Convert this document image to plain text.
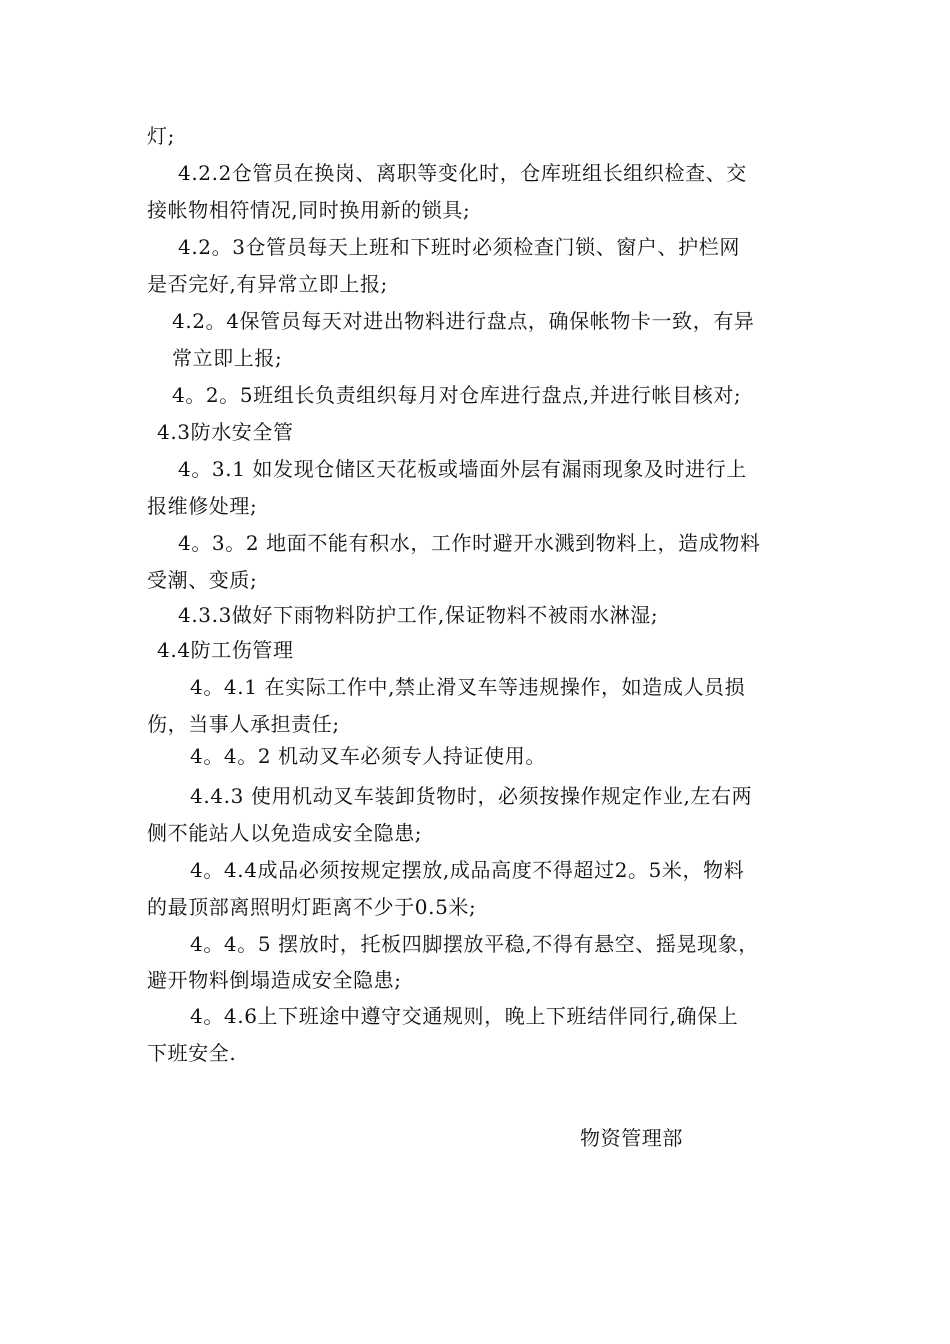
灯;
4.2.2仓管员在换岗、离职等变化时，仓库班组长组织检查、交
接帐物相符情况,同时换用新的锁具;
4.2。3仓管员每天上班和下班时必须检查门锁、窗户、护栏网
是否完好,有异常立即上报;
4.2。4保管员每天对进出物料进行盘点，确保帐物卡一致，有异
常立即上报;
4。2。5班组长负责组织每月对仓库进行盘点,并进行帐目核对;
4.3防水安全管
4。3.1 如发现仓储区天花板或墙面外层有漏雨现象及时进行上
报维修处理;
4。3。2 地面不能有积水，工作时避开水溅到物料上，造成物料
受潮、变质;
4.3.3做好下雨物料防护工作,保证物料不被雨水淋湿;
4.4防工伤管理
4。4.1 在实际工作中,禁止滑叉车等违规操作，如造成人员损
伤，当事人承担责任;
4。4。2 机动叉车必须专人持证使用。
4.4.3 使用机动叉车装卸货物时，必须按操作规定作业,左右两
侧不能站人以免造成安全隐患;
4。4.4成品必须按规定摆放,成品高度不得超过2。5米，物料
的最顶部离照明灯距离不少于0.5米;
4。4。5 摆放时，托板四脚摆放平稳,不得有悬空、摇晃现象，
避开物料倒塌造成安全隐患;
4。4.6上下班途中遵守交通规则，晚上下班结伴同行,确保上
下班安全.
物资管理部
